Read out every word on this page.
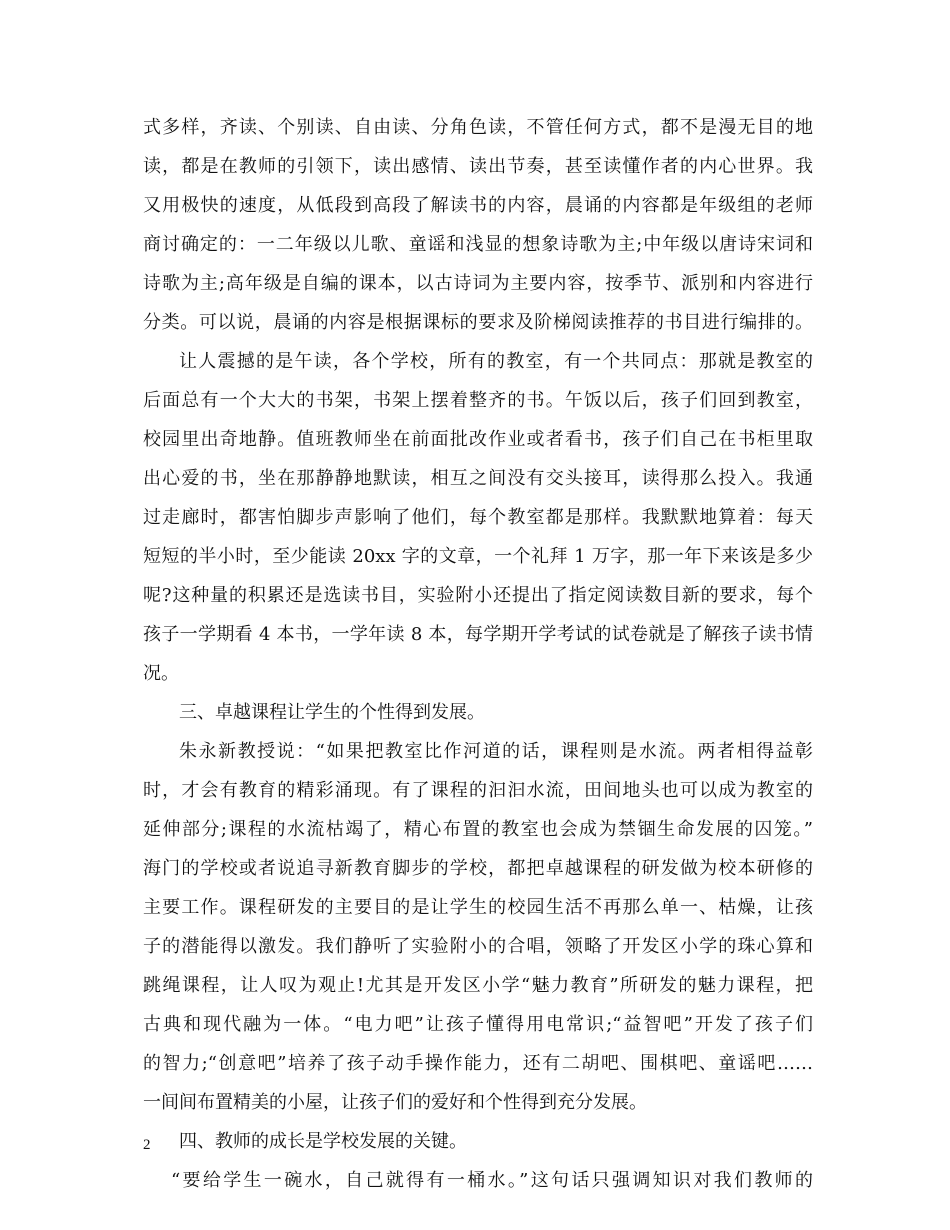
式多样，齐读、个别读、自由读、分角色读，不管任何方式，都不是漫无目的地
读，都是在教师的引领下，读出感情、读出节奏，甚至读懂作者的内心世界。我
又用极快的速度，从低段到高段了解读书的内容，晨诵的内容都是年级组的老师
商讨确定的：一二年级以儿歌、童谣和浅显的想象诗歌为主;中年级以唐诗宋词和
诗歌为主;高年级是自编的课本，以古诗词为主要内容，按季节、派别和内容进行
分类。可以说，晨诵的内容是根据课标的要求及阶梯阅读推荐的书目进行编排的。
让人震撼的是午读，各个学校，所有的教室，有一个共同点：那就是教室的
后面总有一个大大的书架，书架上摆着整齐的书。午饭以后，孩子们回到教室，
校园里出奇地静。值班教师坐在前面批改作业或者看书，孩子们自己在书柜里取
出心爱的书，坐在那静静地默读，相互之间没有交头接耳，读得那么投入。我通
过走廊时，都害怕脚步声影响了他们，每个教室都是那样。我默默地算着：每天
短短的半小时，至少能读 20xx 字的文章，一个礼拜 1 万字，那一年下来该是多少
呢?这种量的积累还是选读书目，实验附小还提出了指定阅读数目新的要求，每个
孩子一学期看 4 本书，一学年读 8 本，每学期开学考试的试卷就是了解孩子读书情
况。
三、卓越课程让学生的个性得到发展。
朱永新教授说：“如果把教室比作河道的话，课程则是水流。两者相得益彰
时，才会有教育的精彩涌现。有了课程的汩汩水流，田间地头也可以成为教室的
延伸部分;课程的水流枯竭了，精心布置的教室也会成为禁锢生命发展的囚笼。”
海门的学校或者说追寻新教育脚步的学校，都把卓越课程的研发做为校本研修的
主要工作。课程研发的主要目的是让学生的校园生活不再那么单一、枯燥，让孩
子的潜能得以激发。我们静听了实验附小的合唱，领略了开发区小学的珠心算和
跳绳课程，让人叹为观止!尤其是开发区小学“魅力教育”所研发的魅力课程，把
古典和现代融为一体。“电力吧”让孩子懂得用电常识;“益智吧”开发了孩子们
的智力;“创意吧”培养了孩子动手操作能力，还有二胡吧、围棋吧、童谣吧……
一间间布置精美的小屋，让孩子们的爱好和个性得到充分发展。
四、教师的成长是学校发展的关键。
“要给学生一碗水，自己就得有一桶水。”这句话只强调知识对我们教师的
2
